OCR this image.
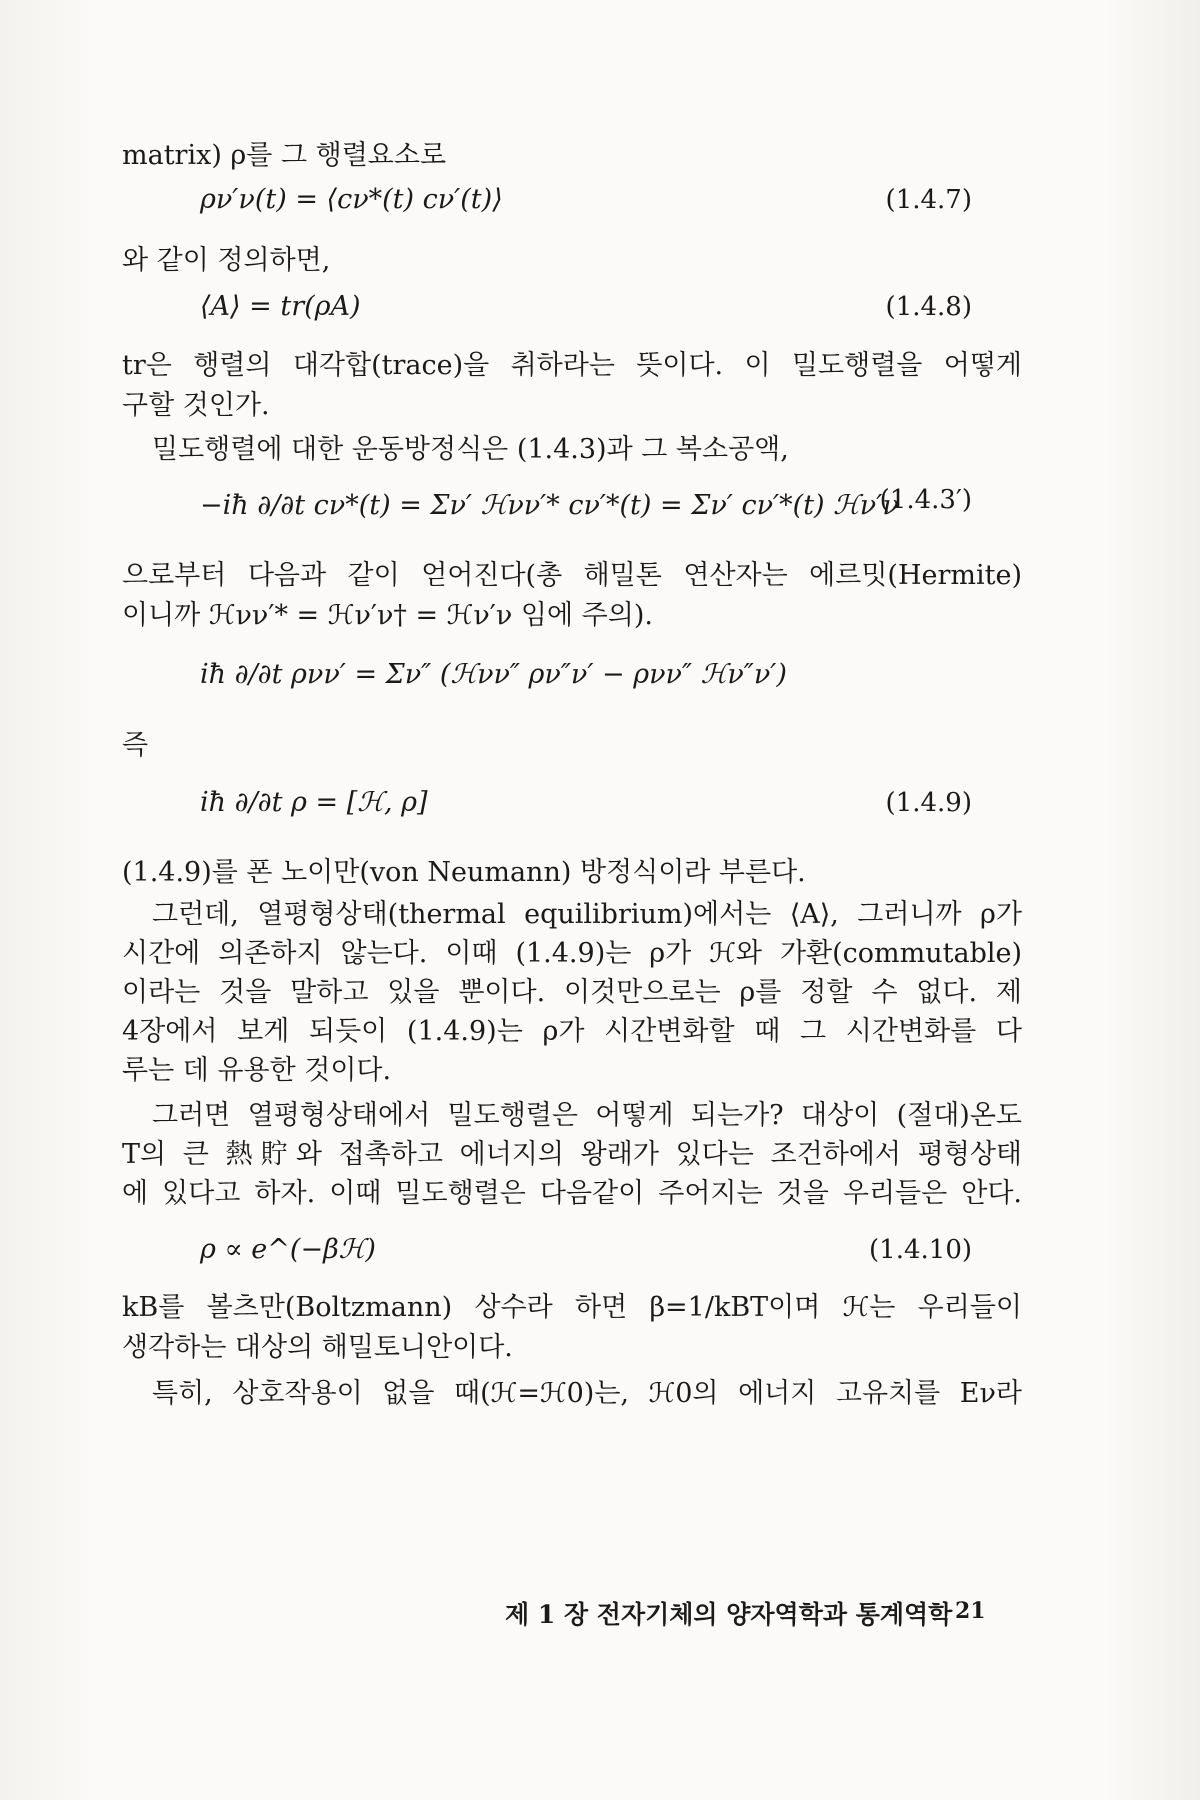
matrix) ρ를 그 행렬요소로
ρν′ν(t) = ⟨cν*(t) cν′(t)⟩	(1.4.7)
와 같이 정의하면,
⟨A⟩ = tr(ρA)	(1.4.8)
tr은 행렬의 대각합(trace)을 취하라는 뜻이다. 이 밀도행렬을 어떻게
구할 것인가.
밀도행렬에 대한 운동방정식은 (1.4.3)과 그 복소공액,
−iħ ∂/∂t cν*(t) = Σν′ ℋνν′* cν′*(t) = Σν′ cν′*(t) ℋν′ν
(1.4.3′)
으로부터 다음과 같이 얻어진다(총 해밀톤 연산자는 에르밋(Hermite)
이니까 ℋνν′* = ℋν′ν† = ℋν′ν 임에 주의).
iħ ∂/∂t ρνν′ = Σν″ (ℋνν″ ρν″ν′ − ρνν″ ℋν″ν′)
즉
iħ ∂/∂t ρ = [ℋ, ρ]	(1.4.9)
(1.4.9)를 폰 노이만(von Neumann) 방정식이라 부른다.
그런데, 열평형상태(thermal equilibrium)에서는 ⟨A⟩, 그러니까 ρ가
시간에 의존하지 않는다. 이때 (1.4.9)는 ρ가 ℋ와 가환(commutable)
이라는 것을 말하고 있을 뿐이다. 이것만으로는 ρ를 정할 수 없다. 제
4장에서 보게 되듯이 (1.4.9)는 ρ가 시간변화할 때 그 시간변화를 다
루는 데 유용한 것이다.
그러면 열평형상태에서 밀도행렬은 어떻게 되는가? 대상이 (절대)온도
T의 큰 熱貯와 접촉하고 에너지의 왕래가 있다는 조건하에서 평형상태
에 있다고 하자. 이때 밀도행렬은 다음같이 주어지는 것을 우리들은 안다.
ρ ∝ e^(−βℋ)	(1.4.10)
kB를 볼츠만(Boltzmann) 상수라 하면 β=1/kBT이며 ℋ는 우리들이
생각하는 대상의 해밀토니안이다.
특히, 상호작용이 없을 때(ℋ=ℋ0)는, ℋ0의 에너지 고유치를 Eν라
제 1 장 전자기체의 양자역학과 통계역학 21
